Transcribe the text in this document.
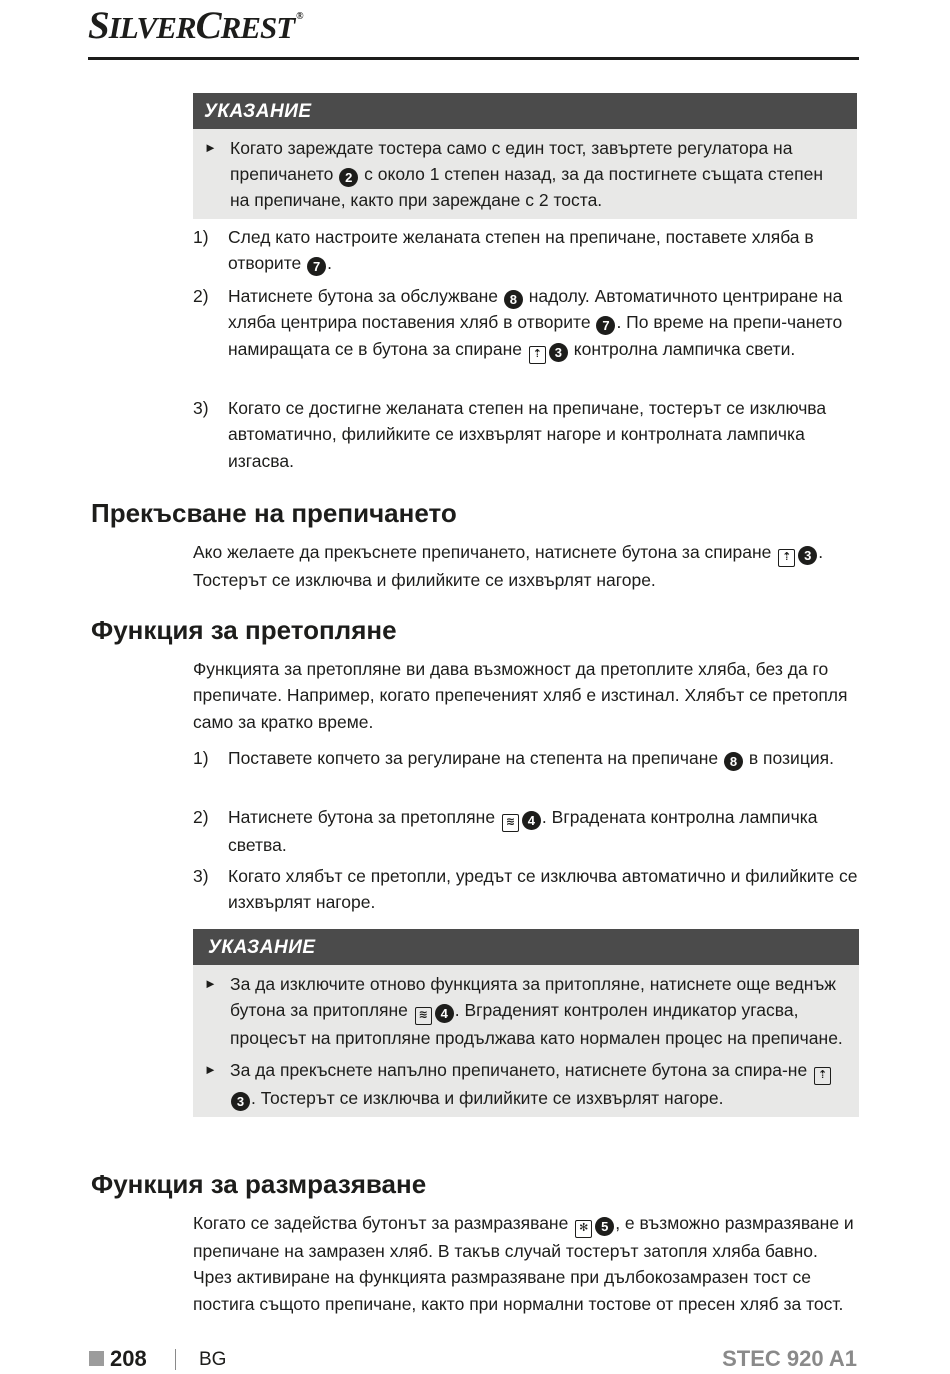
SILVERCREST ®
УКАЗАНИЕ
► Когато зареждате тостера само с един тост, завъртете регулатора на препичането 2 с около 1 степен назад, за да постигнете същата степен на препичане, както при зареждане с 2 тоста.
1)	След като настроите желаната степен на препичане, поставете хляба в отворите 7 .
2)	Натиснете бутона за обслужване 8 надолу. Автоматичното центриране на хляба центрира поставения хляб в отворите 7 . По време на препи-чането намиращата се в бутона за спиране ⇡ 3 контролна лампичка свети.
3)	Когато се достигне желаната степен на препичане, тостерът се изключва автоматично, филийките се изхвърлят нагоре и контролната лампичка изгасва.
Прекъсване на препичането
Ако желаете да прекъснете препичането, натиснете бутона за спиране ⇡ 3 . Тостерът се изключва и филийките се изхвърлят нагоре.
Функция за претопляне
Функцията за претопляне ви дава възможност да претоплите хляба, без да го препичате. Например, когато препеченият хляб е изстинал. Хлябът се претопля само за кратко време.
1)	Поставете копчето за регулиране на степента на препичане 8 в позиция.
2)	Натиснете бутона за претопляне ≋ 4 . Вградената контролна лампичка светва.
3)	Когато хлябът се претопли, уредът се изключва автоматично и филийките се изхвърлят нагоре.
УКАЗАНИЕ
► За да изключите отново функцията за притопляне, натиснете още веднъж бутона за притопляне ≋ 4 . Вграденият контролен индикатор угасва, процесът на притопляне продължава като нормален процес на препичане.
► За да прекъснете напълно препичането, натиснете бутона за спира-не ⇡3 . Тостерът се изключва и филийките се изхвърлят нагоре.
Функция за размразяване
Когато се задейства бутонът за размразяване ✻ 5 , е възможно размразяване и препичане на замразен хляб. В такъв случай тостерът затопля хляба бавно. Чрез активиране на функцията размразяване при дълбокозамразен тост се постига същото препичане, както при нормални тостове от пресен хляб за тост.
208	BG	STEC 920 A1
